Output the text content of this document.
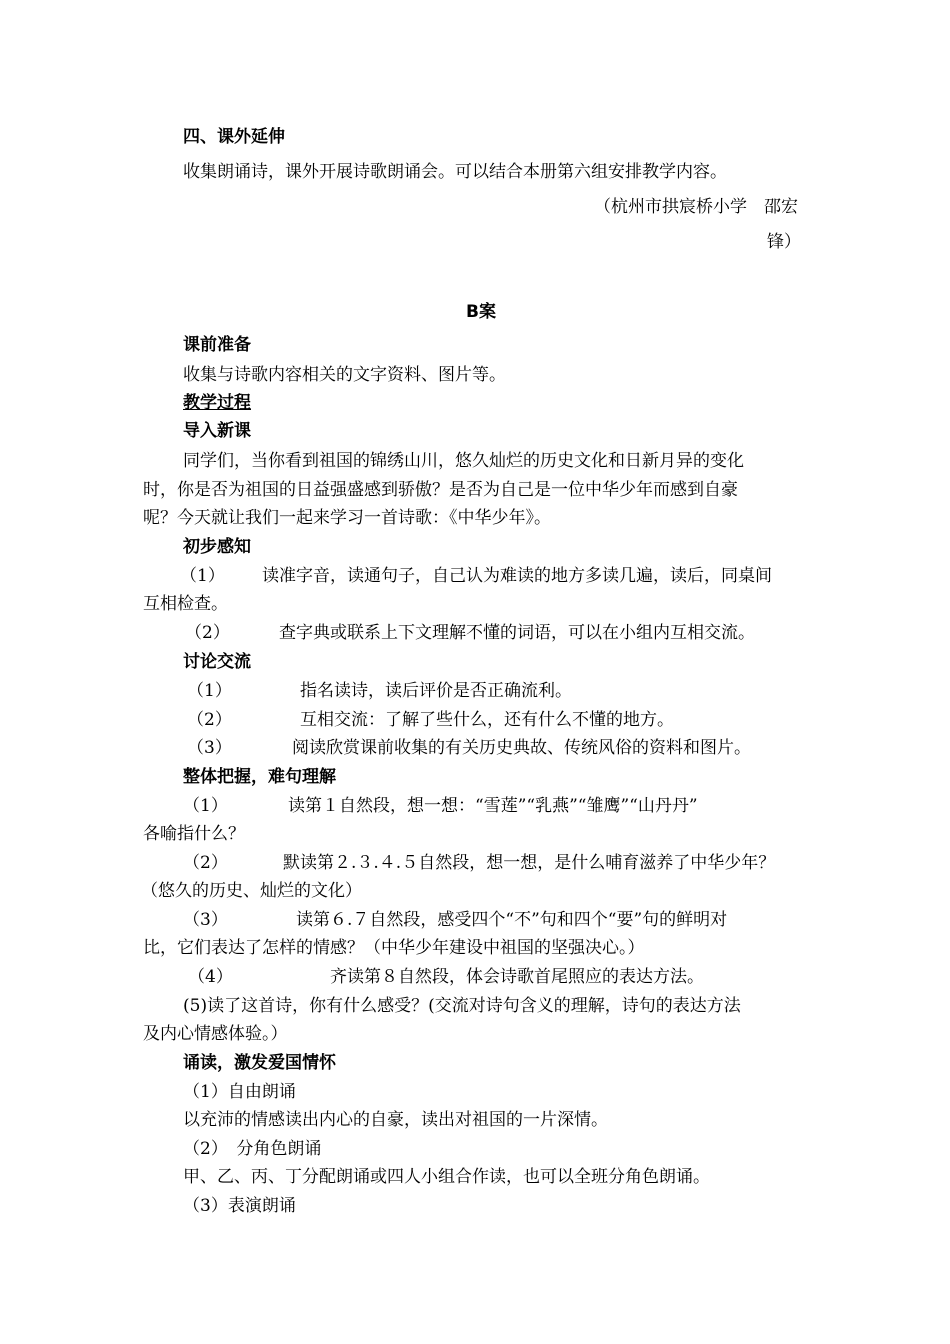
四、课外延伸
收集朗诵诗，课外开展诗歌朗诵会。可以结合本册第六组安排教学内容。
（杭州市拱宸桥小学　邵宏
锋）
B案
课前准备
收集与诗歌内容相关的文字资料、图片等。
教学过程
导入新课
同学们，当你看到祖国的锦绣山川，悠久灿烂的历史文化和日新月异的变化
时，你是否为祖国的日益强盛感到骄傲？是否为自己是一位中华少年而感到自豪
呢？今天就让我们一起来学习一首诗歌：《中华少年》。
初步感知
（1） 读准字音，读通句子，自己认为难读的地方多读几遍，读后，同桌间
互相检查。
（2）	查字典或联系上下文理解不懂的词语，可以在小组内互相交流。
讨论交流
（1）	指名读诗，读后评价是否正确流利。
（2）	互相交流：了解了些什么，还有什么不懂的地方。
（3）	阅读欣赏课前收集的有关历史典故、传统风俗的资料和图片。
整体把握，难句理解
（1）	读第１自然段，想一想：“雪莲”“乳燕”“雏鹰”“山丹丹”
各喻指什么？
（2）	默读第２.３.４.５自然段，想一想，是什么哺育滋养了中华少年？
（悠久的历史、灿烂的文化）
（3）	读第６.７自然段，感受四个“不”句和四个“要”句的鲜明对
比，它们表达了怎样的情感？（中华少年建设中祖国的坚强决心。）
（4）	齐读第８自然段，体会诗歌首尾照应的表达方法。
(5)读了这首诗，你有什么感受？(交流对诗句含义的理解，诗句的表达方法
及内心情感体验。）
诵读，激发爱国情怀
（1）自由朗诵
以充沛的情感读出内心的自豪，读出对祖国的一片深情。
（2）　分角色朗诵
甲、乙、丙、丁分配朗诵或四人小组合作读，也可以全班分角色朗诵。
（3）表演朗诵
